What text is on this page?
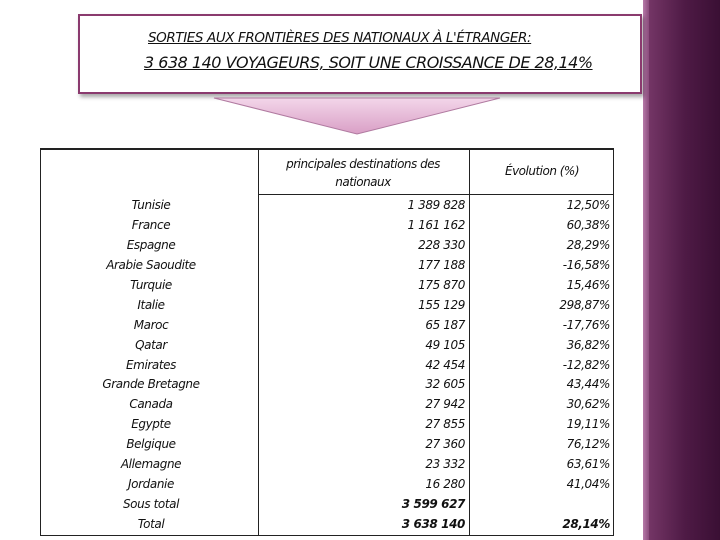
SORTIES AUX FRONTIÈRES DES NATIONAUX À L'ÉTRANGER:
3 638 140 VOYAGEURS, SOIT UNE CROISSANCE DE 28,14%
principales destinations des nationaux
Évolution (%)
Tunisie
France
Espagne
Arabie Saoudite
Turquie
Italie
Maroc
Qatar
Emirates
Grande Bretagne
Canada
Egypte
Belgique
Allemagne
Jordanie
Sous total
Total
1 389 828
1 161 162
228 330
177 188
175 870
155 129
65 187
49 105
42 454
32 605
27 942
27 855
27 360
23 332
16 280
3 599 627
3 638 140
12,50%
60,38%
28,29%
-16,58%
15,46%
298,87%
-17,76%
36,82%
-12,82%
43,44%
30,62%
19,11%
76,12%
63,61%
41,04%
28,14%
